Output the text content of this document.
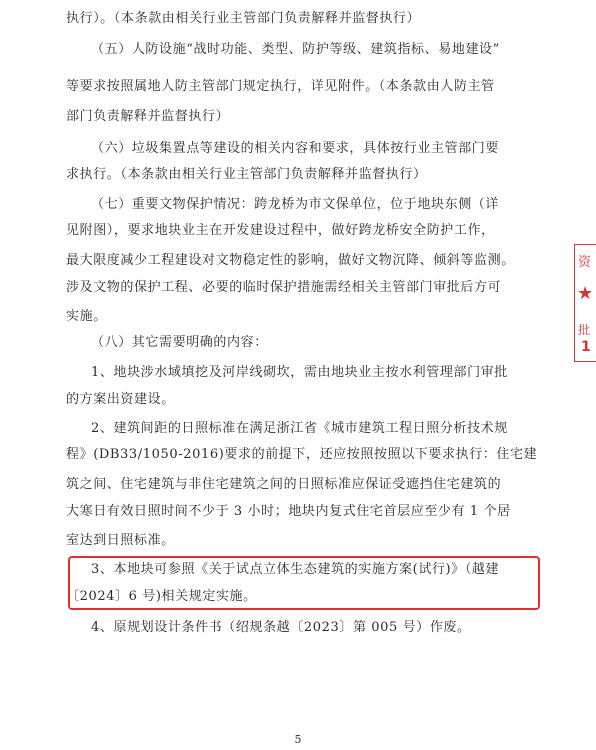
执行）。（本条款由相关行业主管部门负责解释并监督执行）
（五）人防设施“战时功能、类型、防护等级、建筑指标、易地建设”
等要求按照属地人防主管部门规定执行，详见附件。（本条款由人防主管
部门负责解释并监督执行）
（六）垃圾集置点等建设的相关内容和要求，具体按行业主管部门要
求执行。（本条款由相关行业主管部门负责解释并监督执行）
（七）重要文物保护情况：跨龙桥为市文保单位，位于地块东侧（详
见附图），要求地块业主在开发建设过程中，做好跨龙桥安全防护工作，
最大限度减少工程建设对文物稳定性的影响，做好文物沉降、倾斜等监测。
涉及文物的保护工程、必要的临时保护措施需经相关主管部门审批后方可
实施。
（八）其它需要明确的内容：
1、地块涉水域填挖及河岸线砌坎，需由地块业主按水利管理部门审批
的方案出资建设。
2、建筑间距的日照标准在满足浙江省《城市建筑工程日照分析技术规
程》(DB33/1050-2016)要求的前提下，还应按照按照以下要求执行：住宅建
筑之间、住宅建筑与非住宅建筑之间的日照标准应保证受遮挡住宅建筑的
大寒日有效日照时间不少于 3 小时；地块内复式住宅首层应至少有 1 个居
室达到日照标准。
3、本地块可参照《关于试点立体生态建筑的实施方案(试行)》（越建
〔2024〕6 号)相关规定实施。
4、原规划设计条件书（绍规条越〔2023〕第 005 号）作废。
5
资
★
批
1
